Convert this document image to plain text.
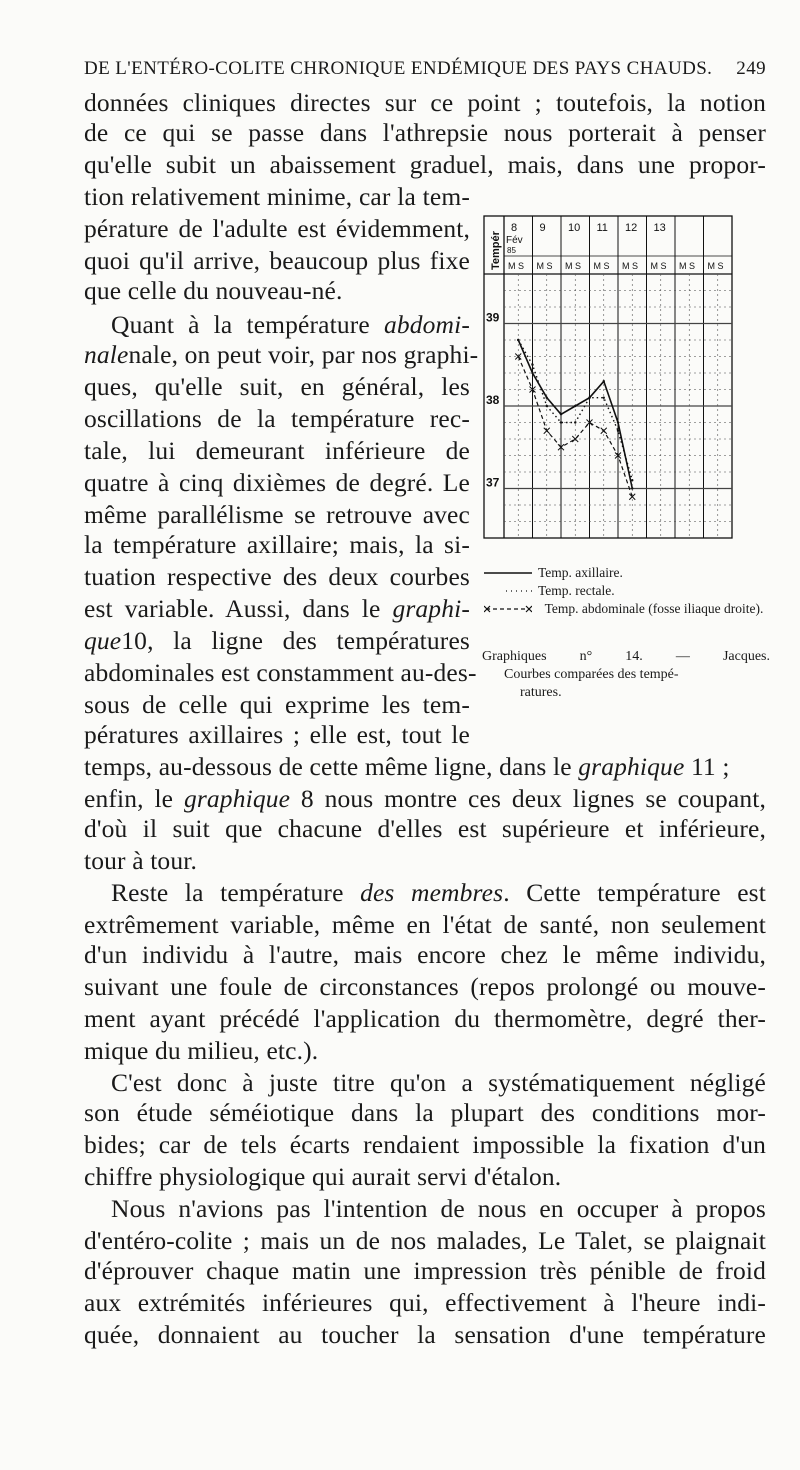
DE L'ENTÉRO-COLITE CHRONIQUE ENDÉMIQUE DES PAYS CHAUDS. 249
données cliniques directes sur ce point ; toutefois, la notion
de ce qui se passe dans l'athrepsie nous porterait à penser
qu'elle subit un abaissement graduel, mais, dans une propor-
tion relativement minime, car la tem-
pérature de l'adulte est évidemment,
quoi qu'il arrive, beaucoup plus fixe
que celle du nouveau-né.
Quant à la température abdomi-
nalenale, on peut voir, par nos graphi-
ques, qu'elle suit, en général, les
oscillations de la température rec-
tale, lui demeurant inférieure de
quatre à cinq dixièmes de degré. Le
même parallélisme se retrouve avec
la température axillaire; mais, la si-
tuation respective des deux courbes
est variable. Aussi, dans le graphi-
que10, la ligne des températures
abdominales est constamment au-des-
sous de celle qui exprime les tem-
pératures axillaires ; elle est, tout le
temps, au-dessous de cette même ligne, dans le graphique 11 ;
enfin, le graphique 8 nous montre ces deux lignes se coupant,
d'où il suit que chacune d'elles est supérieure et inférieure,
tour à tour.
Reste la température des membres. Cette température est
extrêmement variable, même en l'état de santé, non seulement
d'un individu à l'autre, mais encore chez le même individu,
suivant une foule de circonstances (repos prolongé ou mouve-
ment ayant précédé l'application du thermomètre, degré ther-
mique du milieu, etc.).
C'est donc à juste titre qu'on a systématiquement négligé
son étude séméiotique dans la plupart des conditions mor-
bides; car de tels écarts rendaient impossible la fixation d'un
chiffre physiologique qui aurait servi d'étalon.
Nous n'avions pas l'intention de nous en occuper à propos
d'entéro-colite ; mais un de nos malades, Le Talet, se plaignait
d'éprouver chaque matin une impression très pénible de froid
aux extrémités inférieures qui, effectivement à l'heure indi-
quée, donnaient au toucher la sensation d'une température
39
38
37
Tempér
8 9 10 11 12 13
Fév
85
M S M S M S M S M S M S M S M S
Temp. axillaire.
Temp. rectale.
Temp. abdominale (fosse iliaque droite).
Graphiques n° 14. — Jacques.
Courbes comparées des tempé-
ratures.
